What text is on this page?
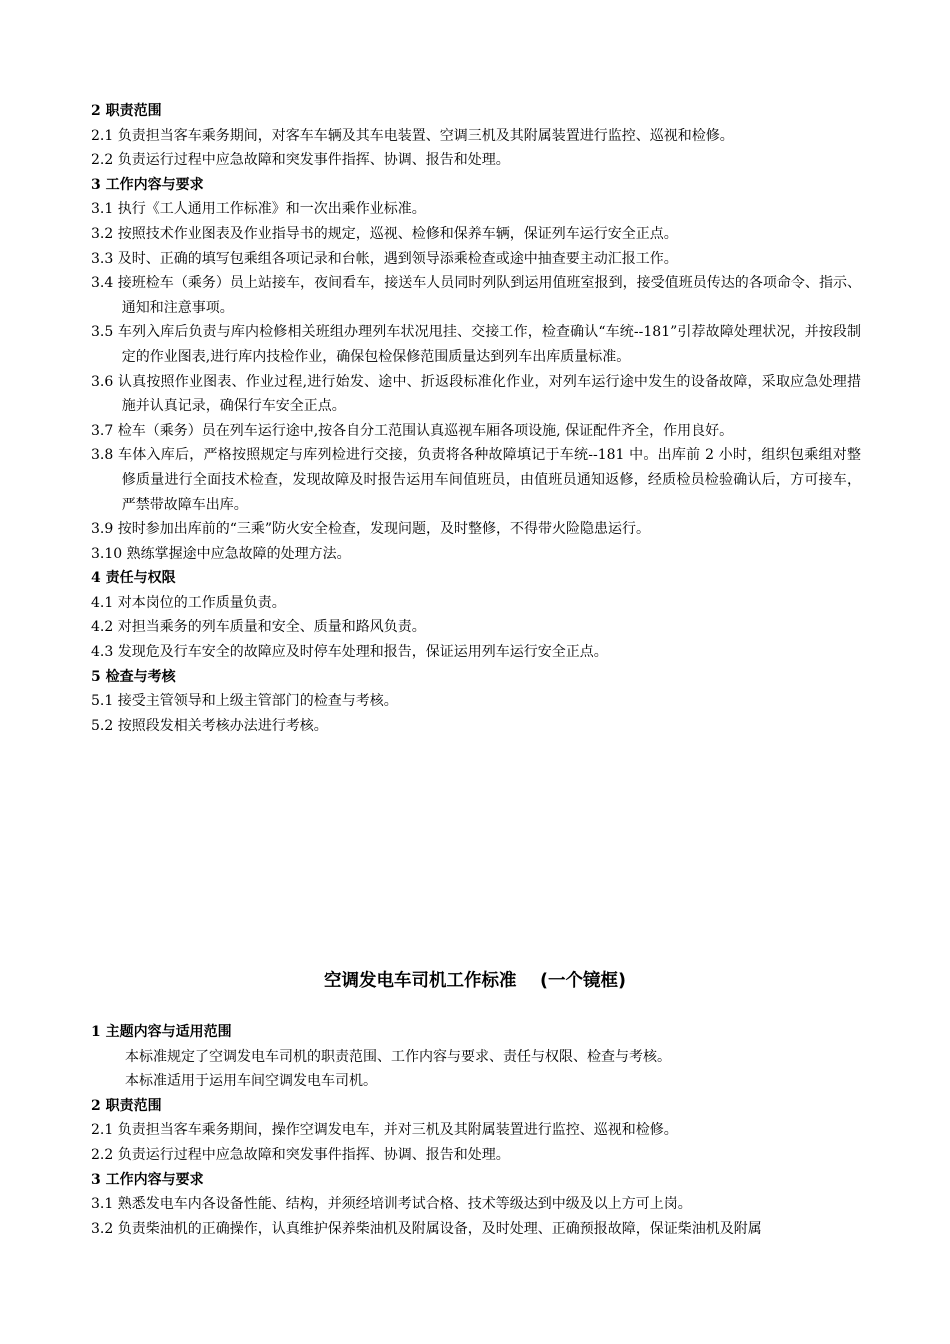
2 职责范围
2.1 负责担当客车乘务期间，对客车车辆及其车电装置、空调三机及其附属装置进行监控、巡视和检修。
2.2 负责运行过程中应急故障和突发事件指挥、协调、报告和处理。
3 工作内容与要求
3.1 执行《工人通用工作标准》和一次出乘作业标准。
3.2 按照技术作业图表及作业指导书的规定，巡视、检修和保养车辆，保证列车运行安全正点。
3.3 及时、正确的填写包乘组各项记录和台帐，遇到领导添乘检查或途中抽查要主动汇报工作。
3.4 接班检车（乘务）员上站接车，夜间看车，接送车人员同时列队到运用值班室报到，接受值班员传达的各项命令、指示、通知和注意事项。
3.5 车列入库后负责与库内检修相关班组办理列车状况甩挂、交接工作，检查确认“车统--181”引荐故障处理状况，并按段制定的作业图表,进行库内技检作业，确保包检保修范围质量达到列车出库质量标准。
3.6 认真按照作业图表、作业过程,进行始发、途中、折返段标准化作业，对列车运行途中发生的设备故障，采取应急处理措施并认真记录，确保行车安全正点。
3.7 检车（乘务）员在列车运行途中,按各自分工范围认真巡视车厢各项设施, 保证配件齐全，作用良好。
3.8 车体入库后，严格按照规定与库列检进行交接，负责将各种故障填记于车统--181 中。出库前 2 小时，组织包乘组对整修质量进行全面技术检查，发现故障及时报告运用车间值班员，由值班员通知返修，经质检员检验确认后，方可接车，严禁带故障车出库。
3.9 按时参加出库前的“三乘”防火安全检查，发现问题，及时整修，不得带火险隐患运行。
3.10 熟练掌握途中应急故障的处理方法。
4 责任与权限
4.1 对本岗位的工作质量负责。
4.2 对担当乘务的列车质量和安全、质量和路风负责。
4.3 发现危及行车安全的故障应及时停车处理和报告，保证运用列车运行安全正点。
5 检查与考核
5.1 接受主管领导和上级主管部门的检查与考核。
5.2 按照段发相关考核办法进行考核。
空调发电车司机工作标准 　(一个镜框)
1 主题内容与适用范围
本标准规定了空调发电车司机的职责范围、工作内容与要求、责任与权限、检查与考核。
本标准适用于运用车间空调发电车司机。
2 职责范围
2.1 负责担当客车乘务期间，操作空调发电车，并对三机及其附属装置进行监控、巡视和检修。
2.2 负责运行过程中应急故障和突发事件指挥、协调、报告和处理。
3 工作内容与要求
3.1 熟悉发电车内各设备性能、结构，并须经培训考试合格、技术等级达到中级及以上方可上岗。
3.2 负责柴油机的正确操作，认真维护保养柴油机及附属设备，及时处理、正确预报故障，保证柴油机及附属
